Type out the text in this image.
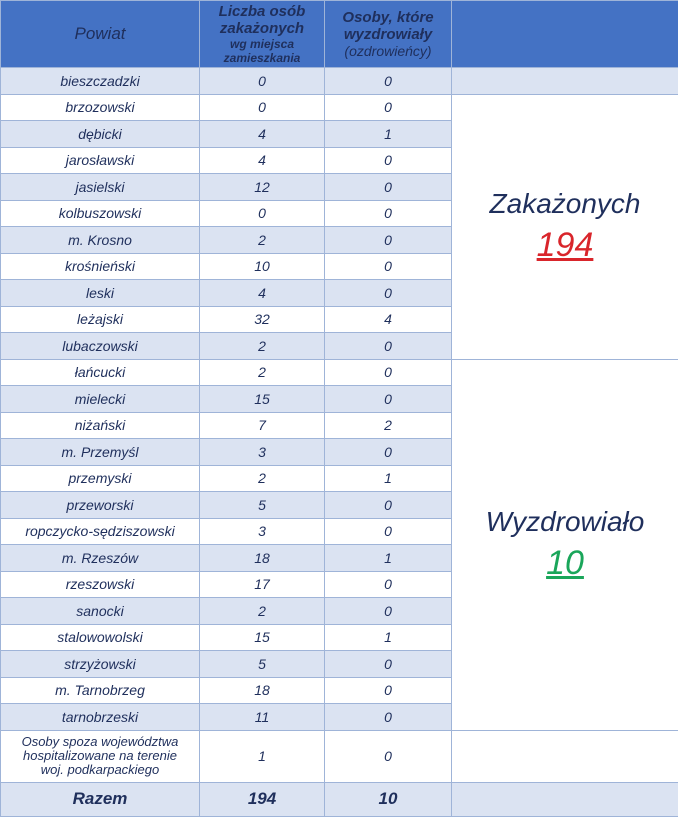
Powiat	Liczba osób
zakażonych
wg miejsca
zamieszkania	Osoby, które
wyzdrowiały
(ozdrowieńcy)	

bieszczadzki	0	0	
brzozowski	0	0	Zakażonych
194

dębicki	4	1	
jarosławski	4	0	
jasielski	12	0	
kolbuszowski	0	0	
m. Krosno	2	0	
krośnieński	10	0	
leski	4	0	
leżajski	32	4	
lubaczowski	2	0	
łańcucki	2	0	Wyzdrowiało
10

mielecki	15	0	
niżański	7	2	
m. Przemyśl	3	0	
przemyski	2	1	
przeworski	5	0	
ropczycko-sędziszowski	3	0	
m. Rzeszów	18	1	
rzeszowski	17	0	
sanocki	2	0	
stalowowolski	15	1	
strzyżowski	5	0	
m. Tarnobrzeg	18	0	
tarnobrzeski	11	0	

Osoby spoza województwa
hospitalizowane na terenie
woj. podkarpackiego	1	0	
Razem	194	10	
